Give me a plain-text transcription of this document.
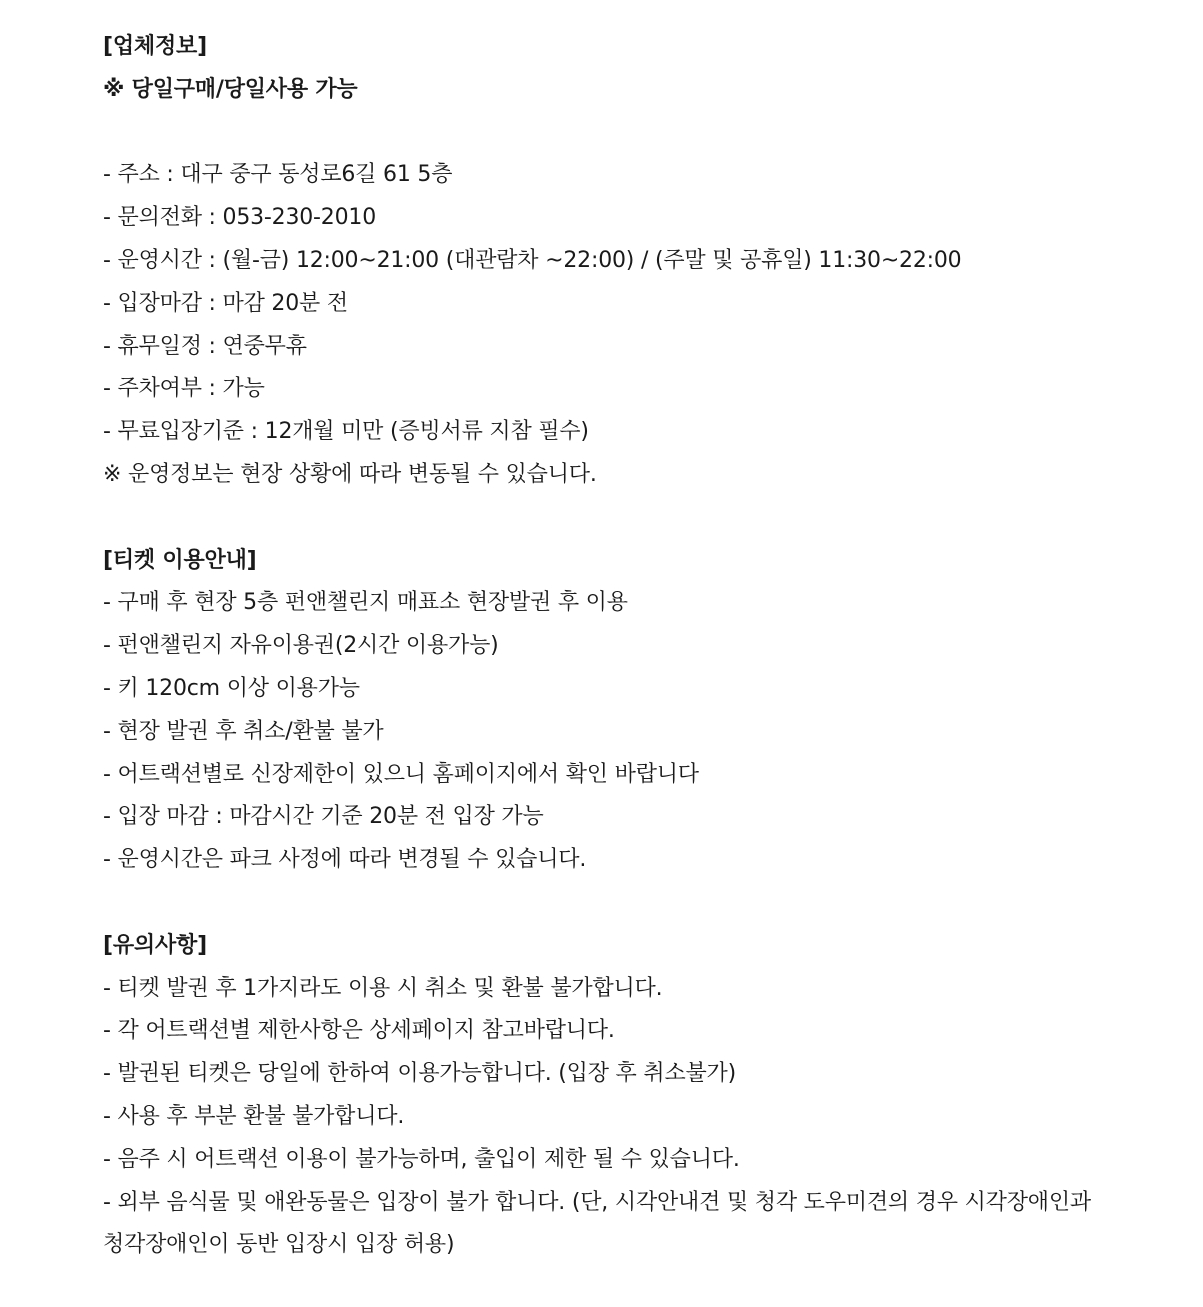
[업체정보]
※ 당일구매/당일사용 가능
- 주소 : 대구 중구 동성로6길 61 5층
- 문의전화 : 053-230-2010
- 운영시간 : (월-금) 12:00~21:00 (대관람차 ~22:00) / (주말 및 공휴일) 11:30~22:00
- 입장마감 : 마감 20분 전
- 휴무일정 : 연중무휴
- 주차여부 : 가능
- 무료입장기준 : 12개월 미만 (증빙서류 지참 필수)
※ 운영정보는 현장 상황에 따라 변동될 수 있습니다.
[티켓 이용안내]
- 구매 후 현장 5층 펀앤챌린지 매표소 현장발권 후 이용
- 펀앤챌린지 자유이용권(2시간 이용가능)
- 키 120cm 이상 이용가능
- 현장 발권 후 취소/환불 불가
- 어트랙션별로 신장제한이 있으니 홈페이지에서 확인 바랍니다
- 입장 마감 : 마감시간 기준 20분 전 입장 가능
- 운영시간은 파크 사정에 따라 변경될 수 있습니다.
[유의사항]
- 티켓 발권 후 1가지라도 이용 시 취소 및 환불 불가합니다.
- 각 어트랙션별 제한사항은 상세페이지 참고바랍니다.
- 발권된 티켓은 당일에 한하여 이용가능합니다. (입장 후 취소불가)
- 사용 후 부분 환불 불가합니다.
- 음주 시 어트랙션 이용이 불가능하며, 출입이 제한 될 수 있습니다.
- 외부 음식물 및 애완동물은 입장이 불가 합니다. (단, 시각안내견 및 청각 도우미견의 경우 시각장애인과 청각장애인이 동반 입장시 입장 허용)
